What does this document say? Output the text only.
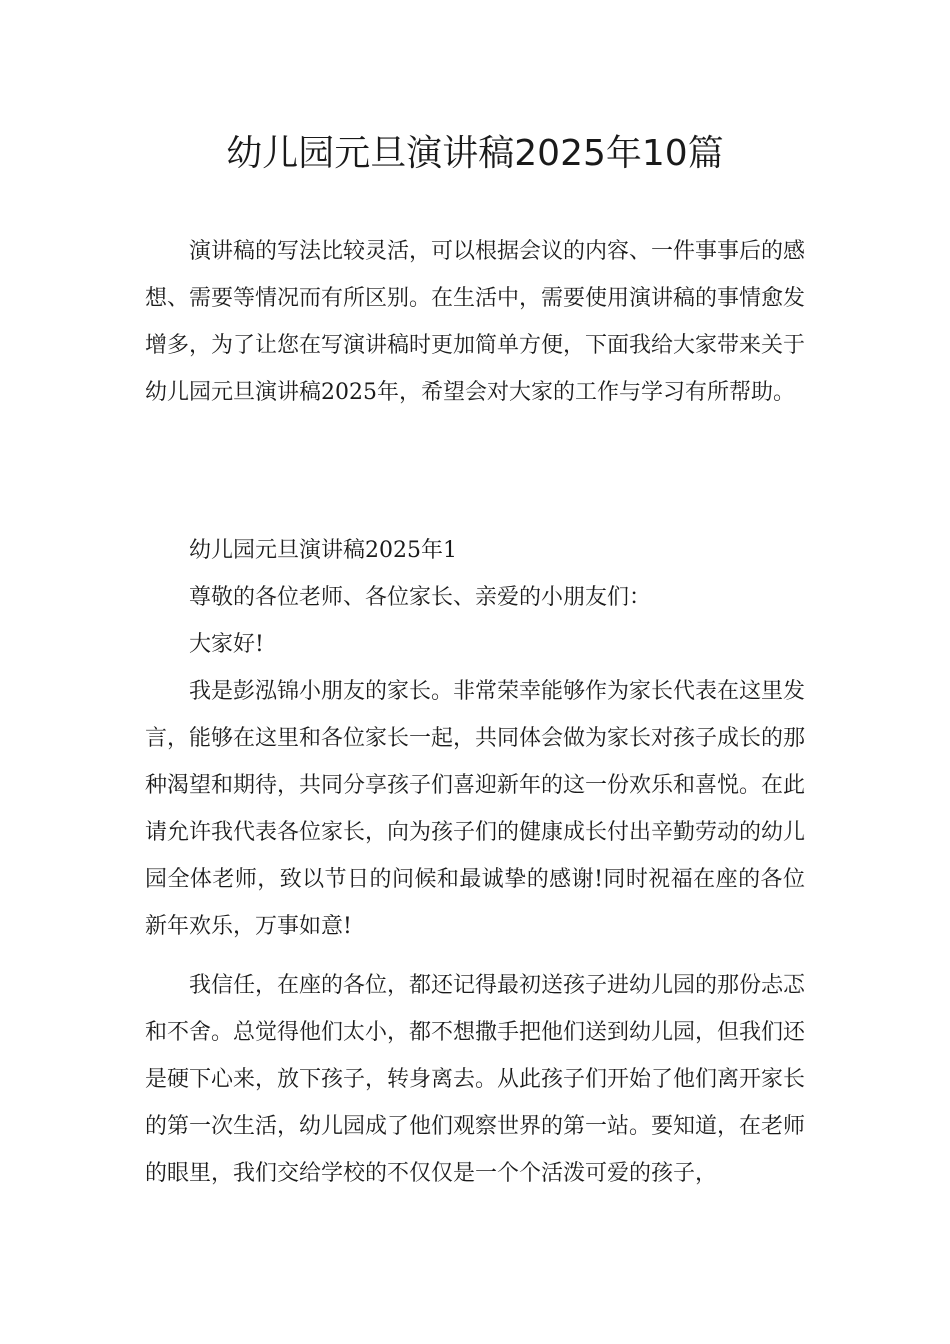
幼儿园元旦演讲稿2025年10篇

演讲稿的写法比较灵活，可以根据会议的内容、一件事事后的感想、需要等情况而有所区别。在生活中，需要使用演讲稿的事情愈发增多，为了让您在写演讲稿时更加简单方便，下面我给大家带来关于幼儿园元旦演讲稿2025年，希望会对大家的工作与学习有所帮助。

幼儿园元旦演讲稿2025年1

尊敬的各位老师、各位家长、亲爱的小朋友们：

大家好!

我是彭泓锦小朋友的家长。非常荣幸能够作为家长代表在这里发言，能够在这里和各位家长一起，共同体会做为家长对孩子成长的那种渴望和期待，共同分享孩子们喜迎新年的这一份欢乐和喜悦。在此请允许我代表各位家长，向为孩子们的健康成长付出辛勤劳动的幼儿园全体老师，致以节日的问候和最诚挚的感谢!同时祝福在座的各位新年欢乐，万事如意!

我信任，在座的各位，都还记得最初送孩子进幼儿园的那份忐忑和不舍。总觉得他们太小，都不想撒手把他们送到幼儿园，但我们还是硬下心来，放下孩子，转身离去。从此孩子们开始了他们离开家长的第一次生活，幼儿园成了他们观察世界的第一站。要知道，在老师的眼里，我们交给学校的不仅仅是一个个活泼可爱的孩子，
